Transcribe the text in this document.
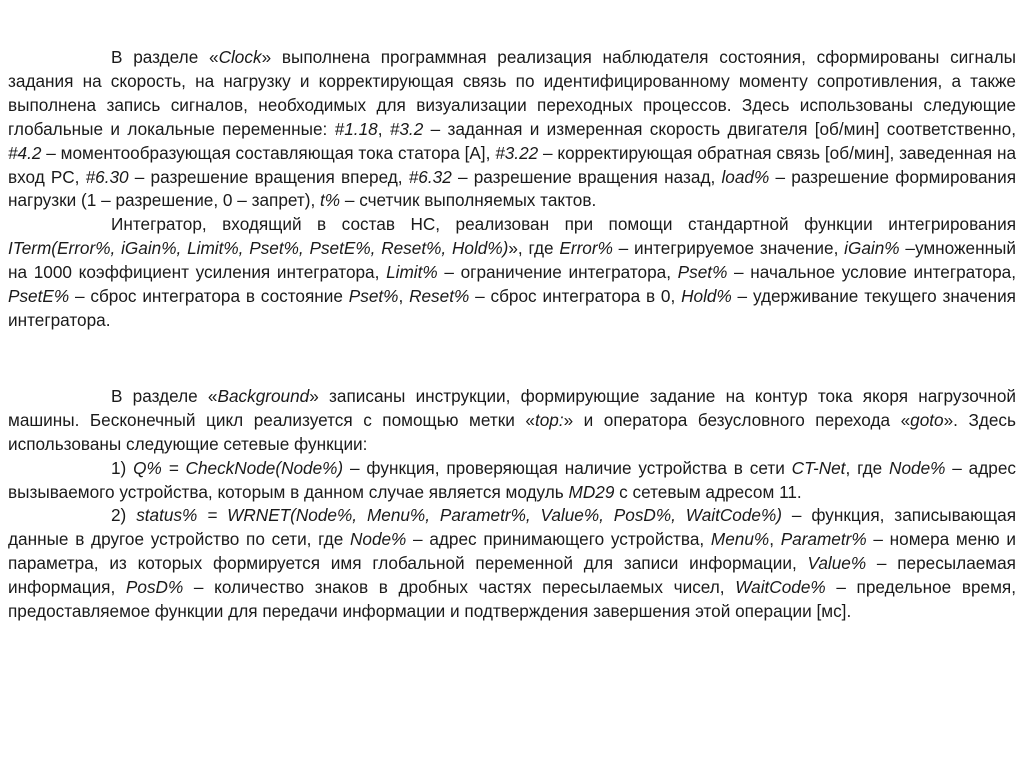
В разделе «Clock» выполнена программная реализация наблюдателя состояния, сформированы сигналы задания на скорость, на нагрузку и корректирующая связь по идентифицированному моменту сопротивления, а также выполнена запись сигналов, необходимых для визуализации переходных процессов. Здесь использованы следующие глобальные и локальные переменные: #1.18, #3.2 – заданная и измеренная скорость двигателя [об/мин] соответственно, #4.2 – моментообразующая составляющая тока статора [А], #3.22 – корректирующая обратная связь [об/мин], заведенная на вход РС, #6.30 – разрешение вращения вперед, #6.32 – разрешение вращения назад, load% – разрешение формирования нагрузки (1 – разрешение, 0 – запрет), t% – счетчик выполняемых тактов.

Интегратор, входящий в состав НС, реализован при помощи стандартной функции интегрирования ITerm(Error%, iGain%, Limit%, Pset%, PsetE%, Reset%, Hold%)», где Error% – интегрируемое значение, iGain% –умноженный на 1000 коэффициент усиления интегратора, Limit% – ограничение интегратора, Pset% – начальное условие интегратора, PsetE% – сброс интегратора в состояние Pset%, Reset% – сброс интегратора в 0, Hold% – удерживание текущего значения интегратора.

В разделе «Background» записаны инструкции, формирующие задание на контур тока якоря нагрузочной машины. Бесконечный цикл реализуется с помощью метки «top:» и оператора безусловного перехода «goto». Здесь использованы следующие сетевые функции:

1) Q% = CheckNode(Node%) – функция, проверяющая наличие устройства в сети CT-Net, где Node% – адрес вызываемого устройства, которым в данном случае является модуль MD29 с сетевым адресом 11.

2) status% = WRNET(Node%, Menu%, Parametr%, Value%, PosD%, WaitCode%) – функция, записывающая данные в другое устройство по сети, где Node% – адрес принимающего устройства, Menu%, Parametr% – номера меню и параметра, из которых формируется имя глобальной переменной для записи информации, Value% – пересылаемая информация, PosD% – количество знаков в дробных частях пересылаемых чисел, WaitCode% – предельное время, предоставляемое функции для передачи информации и подтверждения завершения этой операции [мс].
